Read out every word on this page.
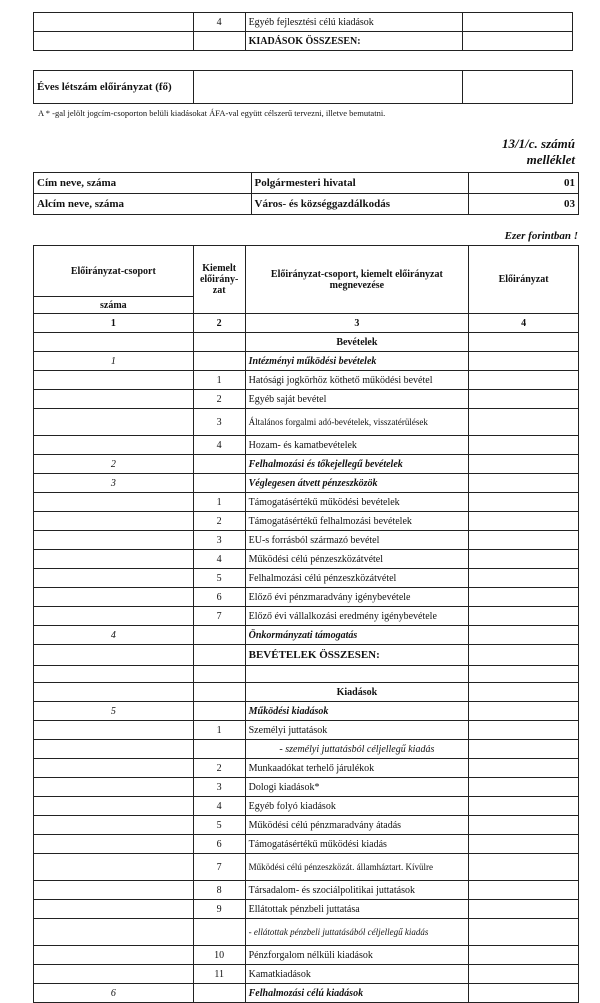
	4	Egyéb fejlesztési célú kiadások	
		KIADÁSOK ÖSSZESEN:	
Éves létszám előirányzat (fő)		
A * -gal jelölt jogcím-csoporton belüli kiadásokat ÁFA-val együtt célszerű tervezni, illetve bemutatni.
13/1/c. számú
melléklet
Cím neve, száma	Polgármesteri hivatal	01
Alcím neve, száma	Város- és községgazdálkodás	03
Ezer forintban !
Előirányzat-csoport	Kiemelt előirány-zat	Előirányzat-csoport, kiemelt előirányzat megnevezése	Előirányzat
száma			
1	2	3	4
		Bevételek	
1		Intézményi működési bevételek	
	1	Hatósági jogkörhöz köthető működési bevétel	
	2	Egyéb saját bevétel	
	3	Általános forgalmi adó-bevételek, visszatérülések	
	4	Hozam- és kamatbevételek	
2		Felhalmozási és tőkejellegű bevételek	
3		Véglegesen átvett pénzeszközök	
	1	Támogatásértékű működési bevételek	
	2	Támogatásértékű felhalmozási bevételek	
	3	EU-s forrásból származó bevétel	
	4	Működési célú pénzeszközátvétel	
	5	Felhalmozási célú pénzeszközátvétel	
	6	Előző évi pénzmaradvány igénybevétele	
	7	Előző évi vállalkozási eredmény igénybevétele	
4		Önkormányzati támogatás	
		BEVÉTELEK ÖSSZESEN:	

		Kiadások	
5		Működési kiadások	
	1	Személyi juttatások	
		- személyi juttatásból céljellegű kiadás	
	2	Munkaadókat terhelő járulékok	
	3	Dologi kiadások*	
	4	Egyéb folyó kiadások	
	5	Működési célú pénzmaradvány átadás	
	6	Támogatásértékű működési kiadás	
	7	Működési célú pénzeszközát. államháztart. Kívülre	
	8	Társadalom- és szociálpolitikai juttatások	
	9	Ellátottak pénzbeli juttatása	
		- ellátottak pénzbeli juttatásából céljellegű kiadás	
	10	Pénzforgalom nélküli kiadások	
	11	Kamatkiadások	
6		Felhalmozási célú kiadások	
